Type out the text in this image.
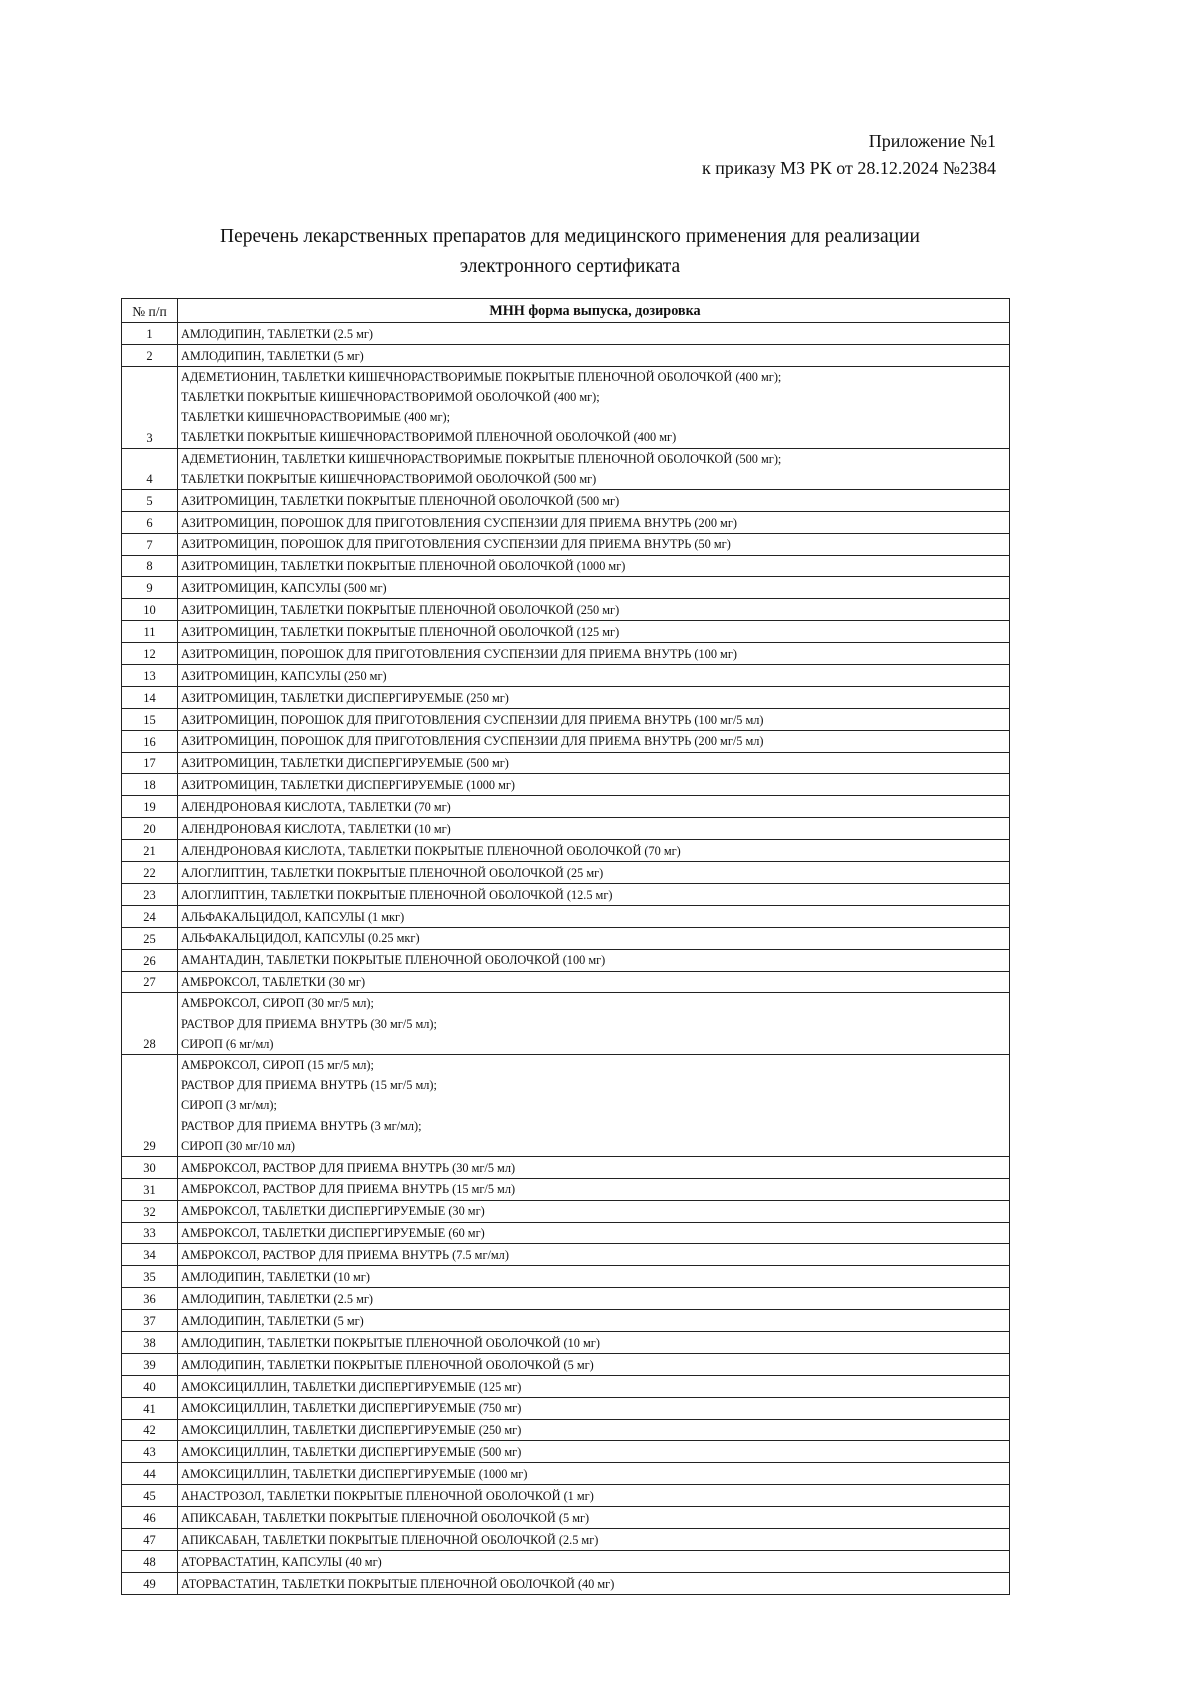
Приложение №1
к приказу МЗ РК от 28.12.2024 №2384
Перечень лекарственных препаратов для медицинского применения для реализации
электронного сертификата
№ п/п	МНН форма выпуска, дозировка
1	АМЛОДИПИН, ТАБЛЕТКИ (2.5 мг)

2	АМЛОДИПИН, ТАБЛЕТКИ (5 мг)

3	АДЕМЕТИОНИН, ТАБЛЕТКИ КИШЕЧНОРАСТВОРИМЫЕ ПОКРЫТЫЕ ПЛЕНОЧНОЙ ОБОЛОЧКОЙ (400 мг);
ТАБЛЕТКИ ПОКРЫТЫЕ КИШЕЧНОРАСТВОРИМОЙ ОБОЛОЧКОЙ (400 мг);
ТАБЛЕТКИ КИШЕЧНОРАСТВОРИМЫЕ (400 мг);
ТАБЛЕТКИ ПОКРЫТЫЕ КИШЕЧНОРАСТВОРИМОЙ ПЛЕНОЧНОЙ ОБОЛОЧКОЙ (400 мг)

4	АДЕМЕТИОНИН, ТАБЛЕТКИ КИШЕЧНОРАСТВОРИМЫЕ ПОКРЫТЫЕ ПЛЕНОЧНОЙ ОБОЛОЧКОЙ (500 мг);
ТАБЛЕТКИ ПОКРЫТЫЕ КИШЕЧНОРАСТВОРИМОЙ ОБОЛОЧКОЙ (500 мг)

5	АЗИТРОМИЦИН, ТАБЛЕТКИ ПОКРЫТЫЕ ПЛЕНОЧНОЙ ОБОЛОЧКОЙ (500 мг)

6	АЗИТРОМИЦИН, ПОРОШОК ДЛЯ ПРИГОТОВЛЕНИЯ СУСПЕНЗИИ ДЛЯ ПРИЕМА ВНУТРЬ (200 мг)

7	АЗИТРОМИЦИН, ПОРОШОК ДЛЯ ПРИГОТОВЛЕНИЯ СУСПЕНЗИИ ДЛЯ ПРИЕМА ВНУТРЬ (50 мг)

8	АЗИТРОМИЦИН, ТАБЛЕТКИ ПОКРЫТЫЕ ПЛЕНОЧНОЙ ОБОЛОЧКОЙ (1000 мг)

9	АЗИТРОМИЦИН, КАПСУЛЫ (500 мг)

10	АЗИТРОМИЦИН, ТАБЛЕТКИ ПОКРЫТЫЕ ПЛЕНОЧНОЙ ОБОЛОЧКОЙ (250 мг)

11	АЗИТРОМИЦИН, ТАБЛЕТКИ ПОКРЫТЫЕ ПЛЕНОЧНОЙ ОБОЛОЧКОЙ (125 мг)

12	АЗИТРОМИЦИН, ПОРОШОК ДЛЯ ПРИГОТОВЛЕНИЯ СУСПЕНЗИИ ДЛЯ ПРИЕМА ВНУТРЬ (100 мг)

13	АЗИТРОМИЦИН, КАПСУЛЫ (250 мг)

14	АЗИТРОМИЦИН, ТАБЛЕТКИ ДИСПЕРГИРУЕМЫЕ (250 мг)

15	АЗИТРОМИЦИН, ПОРОШОК ДЛЯ ПРИГОТОВЛЕНИЯ СУСПЕНЗИИ ДЛЯ ПРИЕМА ВНУТРЬ (100 мг/5 мл)

16	АЗИТРОМИЦИН, ПОРОШОК ДЛЯ ПРИГОТОВЛЕНИЯ СУСПЕНЗИИ ДЛЯ ПРИЕМА ВНУТРЬ (200 мг/5 мл)

17	АЗИТРОМИЦИН, ТАБЛЕТКИ ДИСПЕРГИРУЕМЫЕ (500 мг)

18	АЗИТРОМИЦИН, ТАБЛЕТКИ ДИСПЕРГИРУЕМЫЕ (1000 мг)

19	АЛЕНДРОНОВАЯ КИСЛОТА, ТАБЛЕТКИ (70 мг)

20	АЛЕНДРОНОВАЯ КИСЛОТА, ТАБЛЕТКИ (10 мг)

21	АЛЕНДРОНОВАЯ КИСЛОТА, ТАБЛЕТКИ ПОКРЫТЫЕ ПЛЕНОЧНОЙ ОБОЛОЧКОЙ (70 мг)

22	АЛОГЛИПТИН, ТАБЛЕТКИ ПОКРЫТЫЕ ПЛЕНОЧНОЙ ОБОЛОЧКОЙ (25 мг)

23	АЛОГЛИПТИН, ТАБЛЕТКИ ПОКРЫТЫЕ ПЛЕНОЧНОЙ ОБОЛОЧКОЙ (12.5 мг)

24	АЛЬФАКАЛЬЦИДОЛ, КАПСУЛЫ (1 мкг)

25	АЛЬФАКАЛЬЦИДОЛ, КАПСУЛЫ (0.25 мкг)

26	АМАНТАДИН, ТАБЛЕТКИ ПОКРЫТЫЕ ПЛЕНОЧНОЙ ОБОЛОЧКОЙ (100 мг)

27	АМБРОКСОЛ, ТАБЛЕТКИ (30 мг)

28	АМБРОКСОЛ, СИРОП (30 мг/5 мл);
РАСТВОР ДЛЯ ПРИЕМА ВНУТРЬ (30 мг/5 мл);
СИРОП (6 мг/мл)

29	АМБРОКСОЛ, СИРОП (15 мг/5 мл);
РАСТВОР ДЛЯ ПРИЕМА ВНУТРЬ (15 мг/5 мл);
СИРОП (3 мг/мл);
РАСТВОР ДЛЯ ПРИЕМА ВНУТРЬ (3 мг/мл);
СИРОП (30 мг/10 мл)

30	АМБРОКСОЛ, РАСТВОР ДЛЯ ПРИЕМА ВНУТРЬ (30 мг/5 мл)

31	АМБРОКСОЛ, РАСТВОР ДЛЯ ПРИЕМА ВНУТРЬ (15 мг/5 мл)

32	АМБРОКСОЛ, ТАБЛЕТКИ ДИСПЕРГИРУЕМЫЕ (30 мг)

33	АМБРОКСОЛ, ТАБЛЕТКИ ДИСПЕРГИРУЕМЫЕ (60 мг)

34	АМБРОКСОЛ, РАСТВОР ДЛЯ ПРИЕМА ВНУТРЬ (7.5 мг/мл)

35	АМЛОДИПИН, ТАБЛЕТКИ (10 мг)

36	АМЛОДИПИН, ТАБЛЕТКИ (2.5 мг)

37	АМЛОДИПИН, ТАБЛЕТКИ (5 мг)

38	АМЛОДИПИН, ТАБЛЕТКИ ПОКРЫТЫЕ ПЛЕНОЧНОЙ ОБОЛОЧКОЙ (10 мг)

39	АМЛОДИПИН, ТАБЛЕТКИ ПОКРЫТЫЕ ПЛЕНОЧНОЙ ОБОЛОЧКОЙ (5 мг)

40	АМОКСИЦИЛЛИН, ТАБЛЕТКИ ДИСПЕРГИРУЕМЫЕ (125 мг)

41	АМОКСИЦИЛЛИН, ТАБЛЕТКИ ДИСПЕРГИРУЕМЫЕ (750 мг)

42	АМОКСИЦИЛЛИН, ТАБЛЕТКИ ДИСПЕРГИРУЕМЫЕ (250 мг)

43	АМОКСИЦИЛЛИН, ТАБЛЕТКИ ДИСПЕРГИРУЕМЫЕ (500 мг)

44	АМОКСИЦИЛЛИН, ТАБЛЕТКИ ДИСПЕРГИРУЕМЫЕ (1000 мг)

45	АНАСТРОЗОЛ, ТАБЛЕТКИ ПОКРЫТЫЕ ПЛЕНОЧНОЙ ОБОЛОЧКОЙ (1 мг)

46	АПИКСАБАН, ТАБЛЕТКИ ПОКРЫТЫЕ ПЛЕНОЧНОЙ ОБОЛОЧКОЙ (5 мг)

47	АПИКСАБАН, ТАБЛЕТКИ ПОКРЫТЫЕ ПЛЕНОЧНОЙ ОБОЛОЧКОЙ (2.5 мг)

48	АТОРВАСТАТИН, КАПСУЛЫ (40 мг)

49	АТОРВАСТАТИН, ТАБЛЕТКИ ПОКРЫТЫЕ ПЛЕНОЧНОЙ ОБОЛОЧКОЙ (40 мг)
